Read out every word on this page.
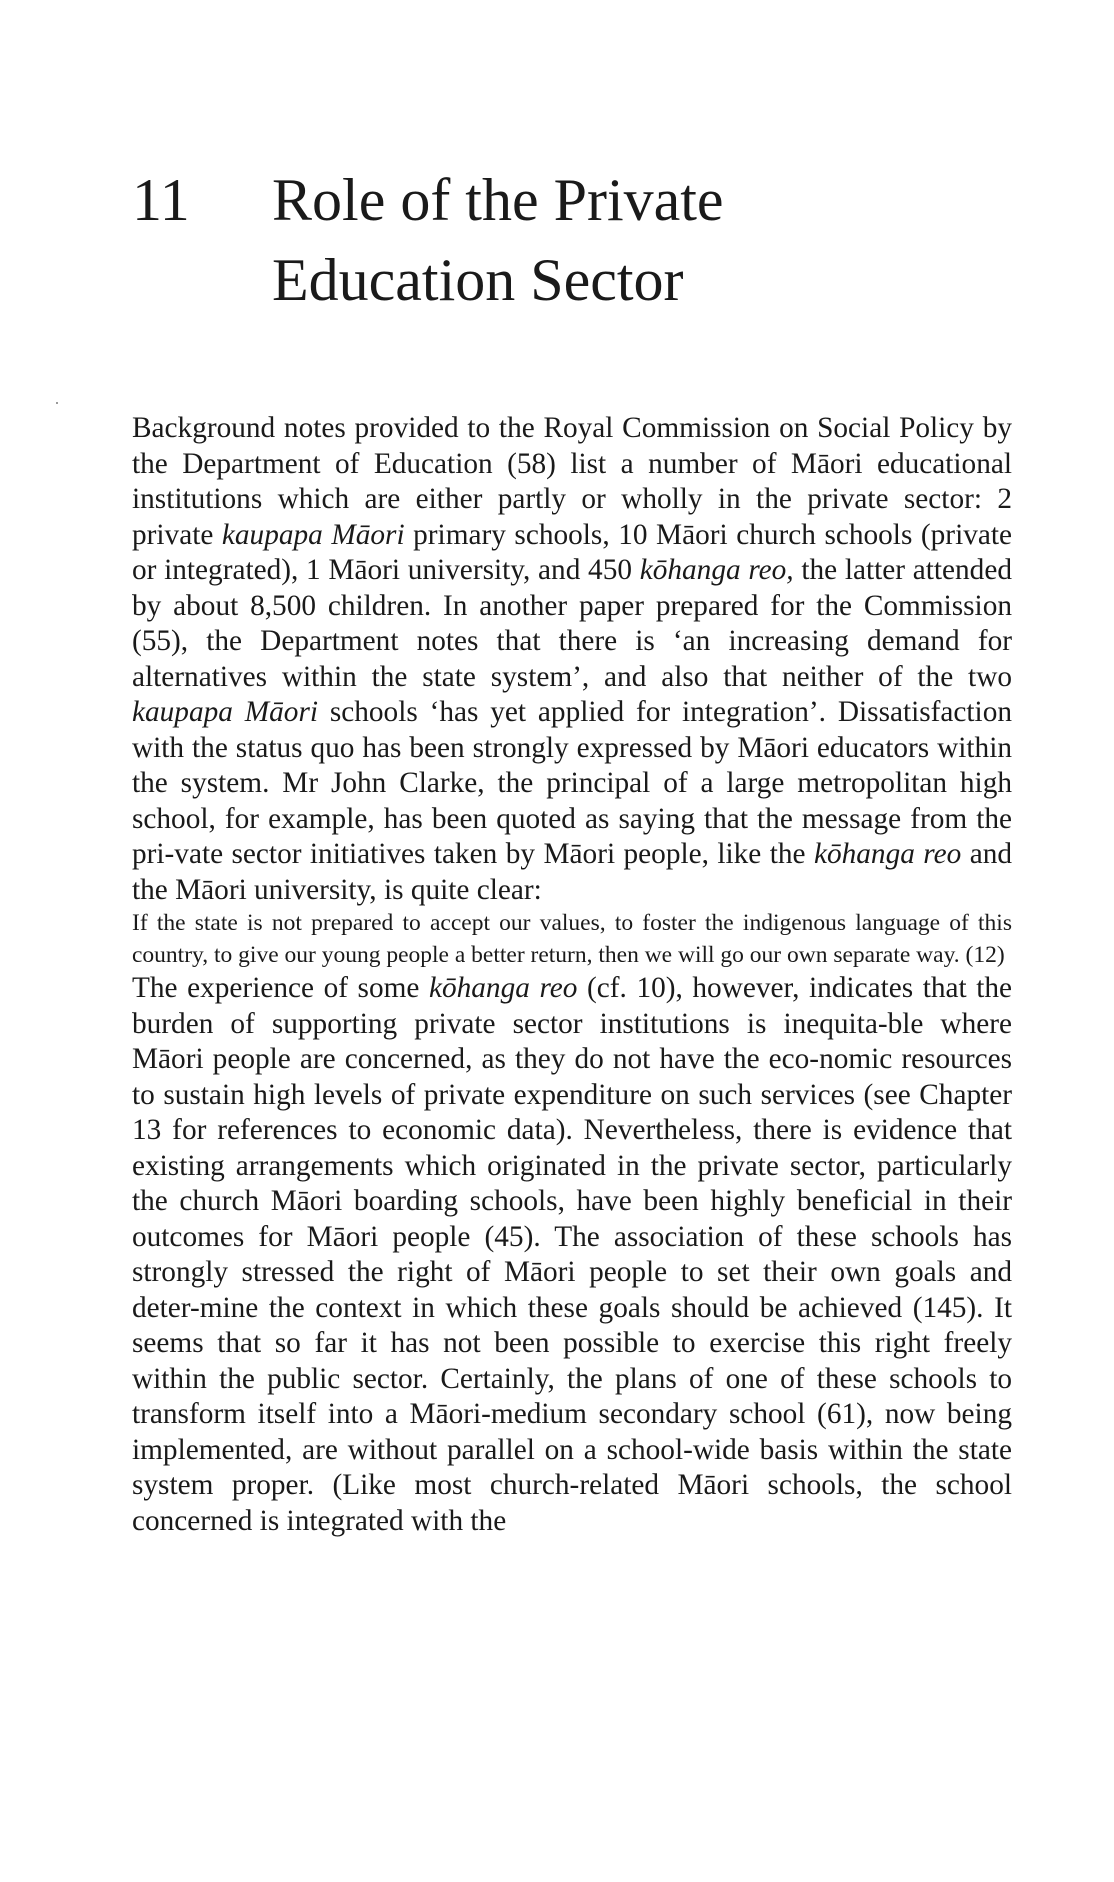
11 Role of the Private
Education Sector

Background notes provided to the Royal Commission on Social Policy by the Department of Education (58) list a number of Māori educational institutions which are either partly or wholly in the private sector: 2 private kaupapa Māori primary schools, 10 Māori church schools (private or integrated), 1 Māori university, and 450 kōhanga reo, the latter attended by about 8,500 children. In another paper prepared for the Commission (55), the Department notes that there is ‘an increasing demand for alternatives within the state system’, and also that neither of the two kaupapa Māori schools ‘has yet applied for integration’. Dissatisfaction with the status quo has been strongly expressed by Māori educators within the system. Mr John Clarke, the principal of a large metropolitan high school, for example, has been quoted as saying that the message from the pri-vate sector initiatives taken by Māori people, like the kōhanga reo and the Māori university, is quite clear:

If the state is not prepared to accept our values, to foster the indigenous language of this country, to give our young people a better return, then we will go our own separate way. (12)

The experience of some kōhanga reo (cf. 10), however, indicates that the burden of supporting private sector institutions is inequita-ble where Māori people are concerned, as they do not have the eco-nomic resources to sustain high levels of private expenditure on such services (see Chapter 13 for references to economic data). Nevertheless, there is evidence that existing arrangements which originated in the private sector, particularly the church Māori boarding schools, have been highly beneficial in their outcomes for Māori people (45). The association of these schools has strongly stressed the right of Māori people to set their own goals and deter-mine the context in which these goals should be achieved (145). It seems that so far it has not been possible to exercise this right freely within the public sector. Certainly, the plans of one of these schools to transform itself into a Māori-medium secondary school (61), now being implemented, are without parallel on a school-wide basis within the state system proper. (Like most church-related Māori schools, the school concerned is integrated with the
